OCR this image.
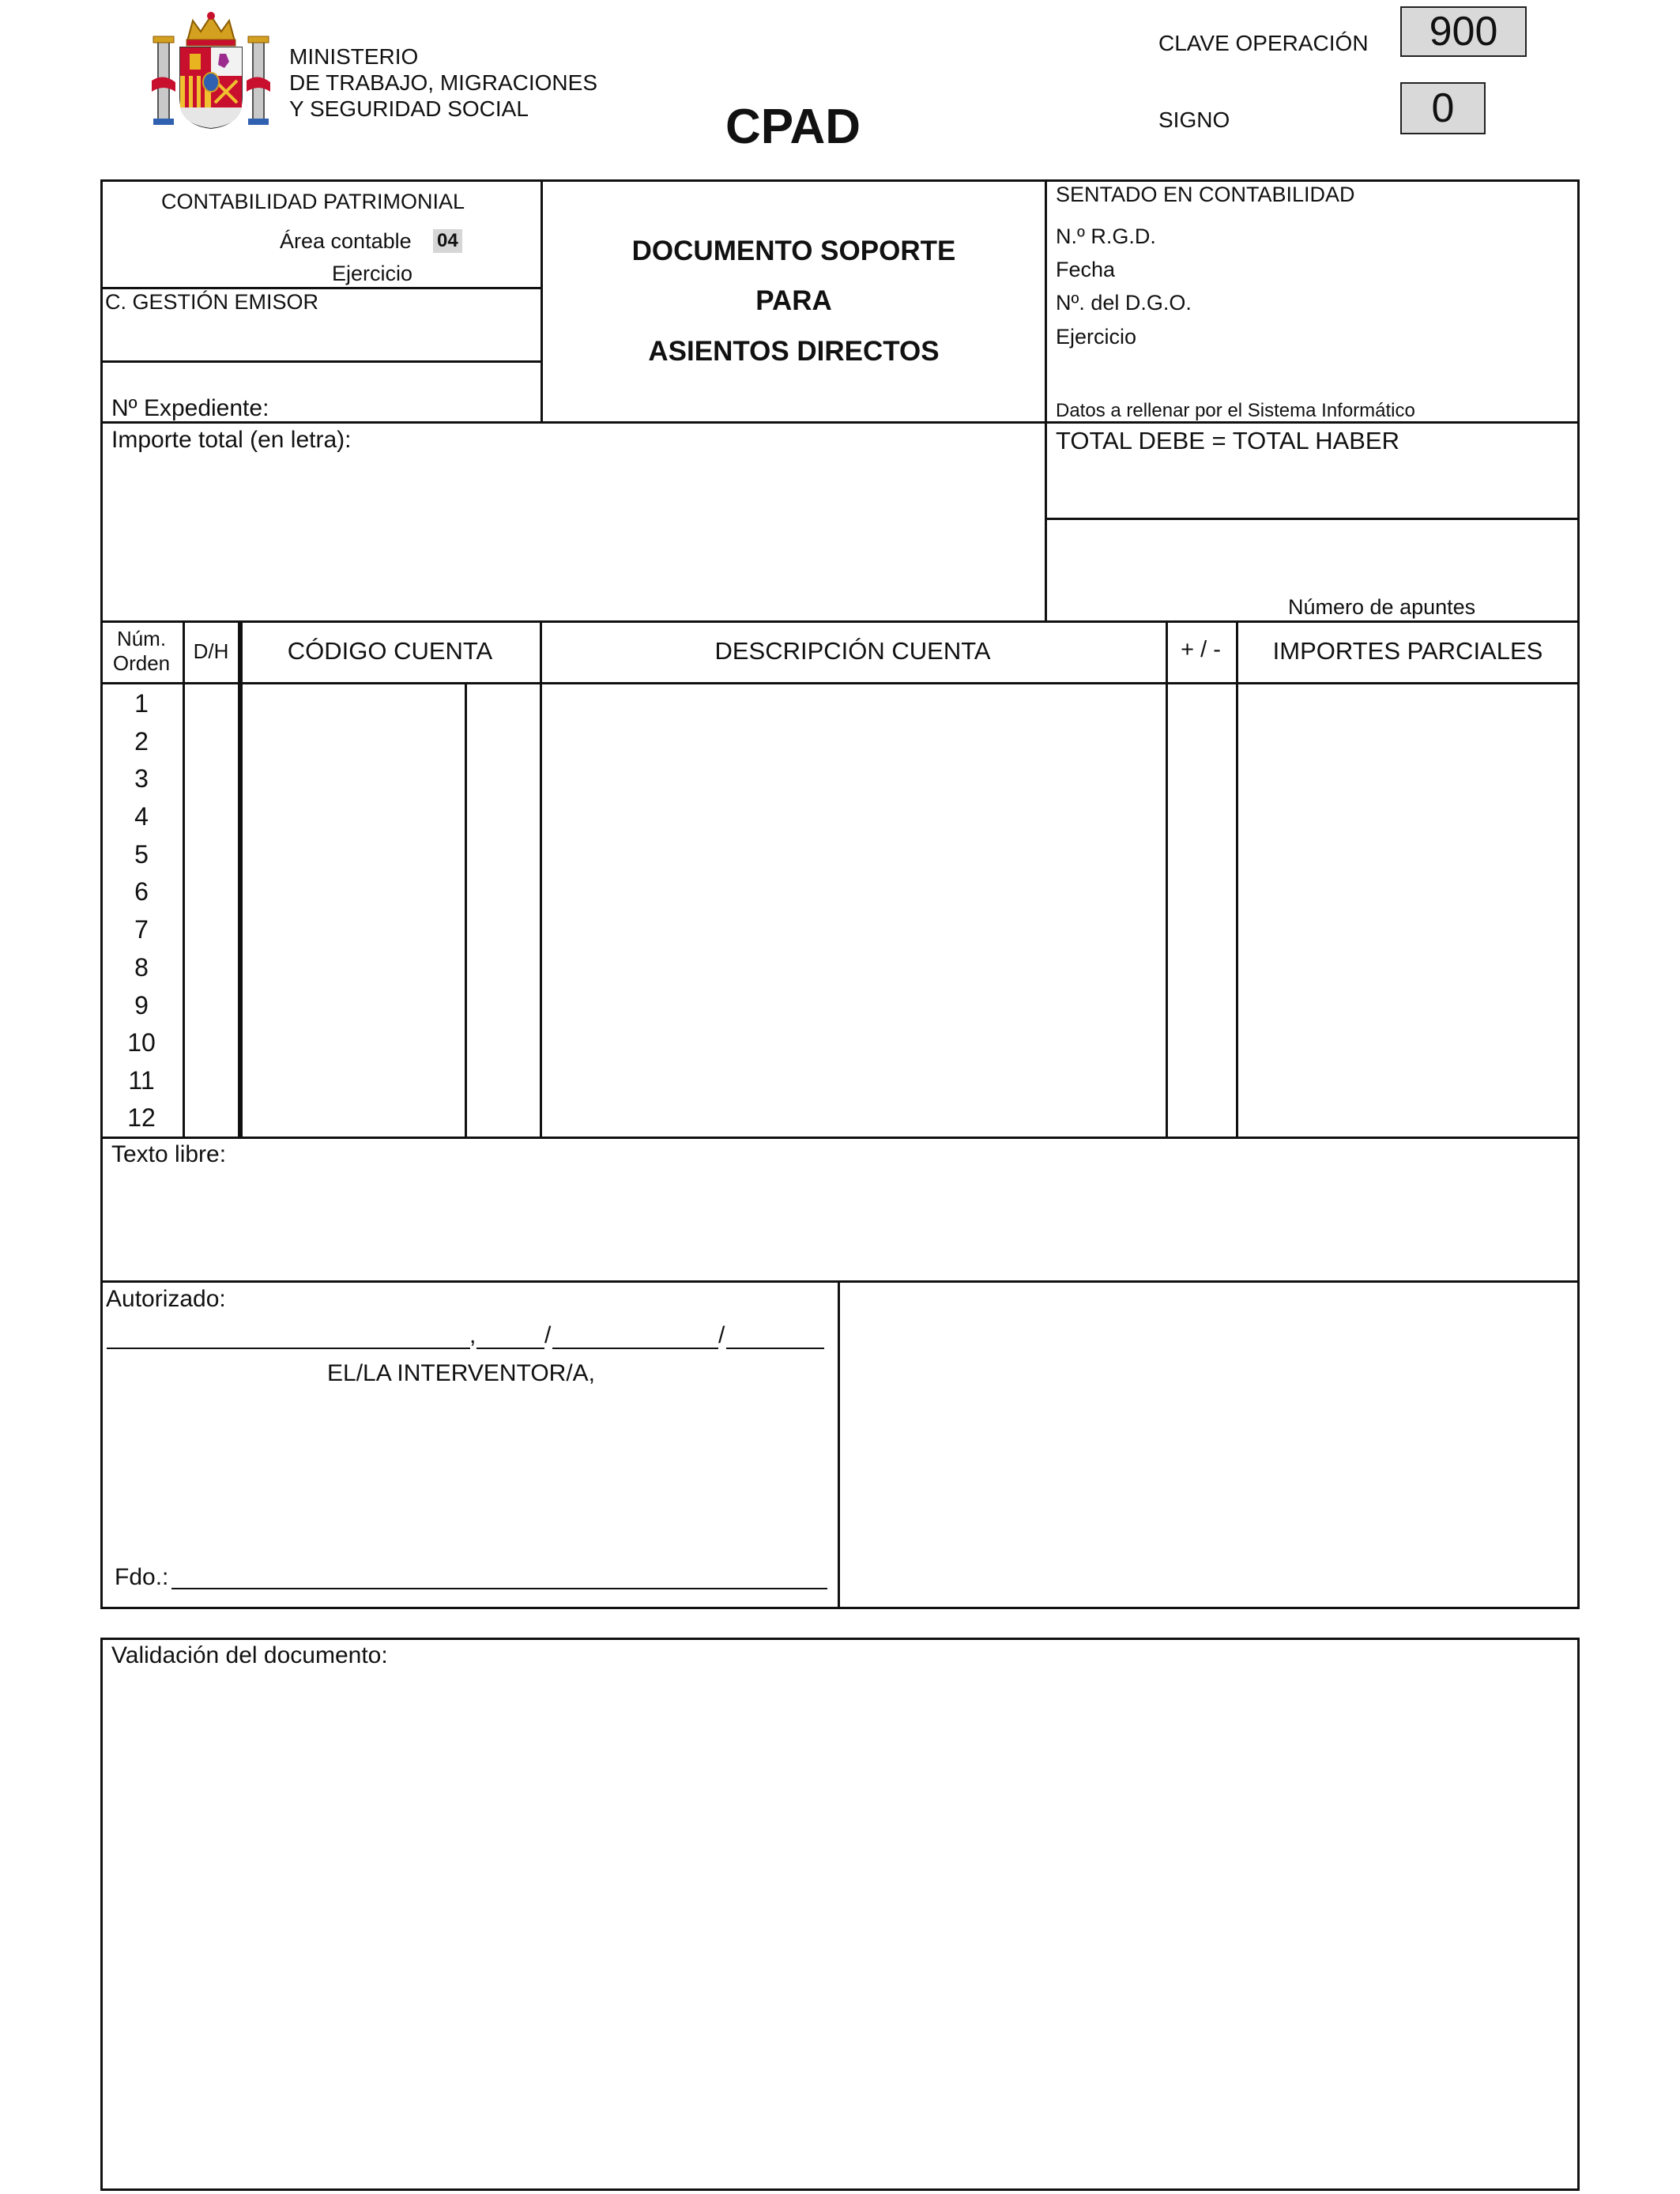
MINISTERIO
DE TRABAJO, MIGRACIONES
Y SEGURIDAD SOCIAL	CPAD
CLAVE OPERACIÓN	900
SIGNO	0
CONTABILIDAD PATRIMONIAL
Área contable 04
Ejercicio
C. GESTIÓN EMISOR
Nº Expediente:
DOCUMENTO SOPORTE
PARA
ASIENTOS DIRECTOS
SENTADO EN CONTABILIDAD
N.º R.G.D.
Fecha
Nº. del D.G.O.
Ejercicio
Datos a rellenar por el Sistema Informático
Importe total (en letra):	TOTAL DEBE = TOTAL HABER
Número de apuntes
Núm.
Orden	D/H	CÓDIGO CUENTA	DESCRIPCIÓN CUENTA	+ / -	IMPORTES PARCIALES
1
2
3
4
5
6
7
8
9
10
11
12
Texto libre:
Autorizado:
,	/	/
EL/LA INTERVENTOR/A,
Fdo.:
Validación del documento:
